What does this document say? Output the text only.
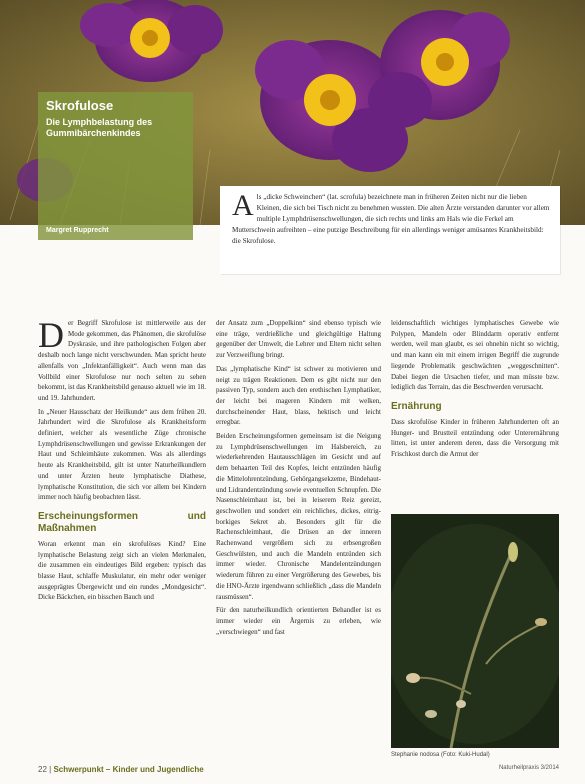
Skrofulose
Die Lymphbelastung des Gummibärchenkindes
Margret Rupprecht
A ls „dicke Schweinchen“ (lat. scrofula) bezeichnete man in früheren Zeiten nicht nur die lieben Kleinen, die sich bei Tisch nicht zu benehmen wussten. Die alten Ärzte verstanden darunter vor allem multiple Lymphdrüsenschwellungen, die sich rechts und links am Hals wie die Ferkel am Mutterschwein aufreihten – eine putzige Beschreibung für ein allerdings weniger amüsantes Krankheitsbild: die Skrofulose.

Der Begriff Skrofulose ist mittlerweile aus der Mode gekommen, das Phänomen, die skrofulöse Dyskrasie, und ihre pathologischen Folgen aber deshalb noch lange nicht verschwunden. Man spricht heute allenfalls von „Infektanfälligkeit“. Auch wenn man das Vollbild einer Skrofulose nur noch selten zu sehen bekommt, ist das Krankheitsbild genauso aktuell wie im 18. und 19. Jahrhundert.

In „Neuer Hausschatz der Heilkunde“ aus dem frühen 20. Jahrhundert wird die Skrofulose als Krankheitsform definiert, welcher als wesentliche Züge chronische Lymphdrüsenschwellungen und gewisse Erkrankungen der Haut und Schleimhäute zukommen. Was als allerdings heute als Krankheitsbild, gilt ist unter Naturheilkundlern und unter Ärzten heute lymphatische Diathese, lymphatische Konstitution, die sich vor allem bei Kindern immer noch häufig beobachten lässt.

Erscheinungsformen und Maßnahmen

Woran erkennt man ein skrofulöses Kind? Eine lymphatische Belastung zeigt sich an vielen Merkmalen, die zusammen ein eindeutiges Bild ergeben: typisch das blasse Haut, schlaffe Muskulatur, ein mehr oder weniger ausgeprägtes Übergewicht und ein rundes „Mondgesicht“. Dicke Bäckchen, ein bisschen Bauch und

der Ansatz zum „Doppelkinn“ sind ebenso typisch wie eine träge, verdrießliche und gleichgültige Haltung gegenüber der Umwelt, die Lehrer und Eltern nicht selten zur Verzweiflung bringt.

Das „lymphatische Kind“ ist schwer zu motivieren und neigt zu trägen Reaktionen. Dem es gibt nicht nur den passiven Typ, sondern auch den erethischen Lymphatiker, der leicht bei mageren Kindern mit welken, durchscheinender Haut, blass, hektisch und leicht erregbar.

Beiden Erscheinungsformen gemeinsam ist die Neigung zu Lymphdrüsenschwellungen im Halsbereich, zu wiederkehrenden Hautausschlägen im Gesicht und auf dem behaarten Teil des Kopfes, leicht entzünden häufig die Mittelohrentzündung, Gehörgangsekzeme, Bindehaut- und Lidrandentzündung sowie eventuellen Schnupfen. Die Nasenschleimhaut ist, bei in leiserem Reiz gereizt, geschwollen und sondert ein reichliches, dickes, eitrig-borkiges Sekret ab. Besonders gilt für die Rachenschleimhaut, die Drüsen an der inneren Rachenwand vergrößern sich zu erbsengroßen Geschwülsten, und auch die Mandeln entzünden sich immer wieder. Chronische Mandelentzündungen wiederum führen zu einer Vergrößerung des Gewebes, bis die HNO-Ärzte irgendwann schließlich „dass die Mandeln rausmüssen“.

Für den naturheilkundlich orientierten Behandler ist es immer wieder ein Ärgernis zu erleben, wie „verschwiegen“ und fast

leidenschaftlich wichtiges lymphatisches Gewebe wie Polypen, Mandeln oder Blinddarm operativ entfernt werden, weil man glaubt, es sei ohnehin nicht so wichtig, und man kann ein mit einem irrigen Begriff die zugrunde liegende Problematik geschwächten „weggeschnitten“. Dabei liegen die Ursachen tiefer, und man müsste bzw. lediglich das Terrain, das die Beschwerden verursacht.

Ernährung

Dass skrofulöse Kinder in früheren Jahrhunderten oft an Hunger- und Brustteil entzündung oder Unterernährung litten, ist unter anderem deren, dass die Versorgung mit Frischkost durch die Armut der

Stephanie nodosa (Foto: Kuki-Hudal)
22 | Schwerpunkt – Kinder und Jugendliche	Naturheilpraxis 3/2014
